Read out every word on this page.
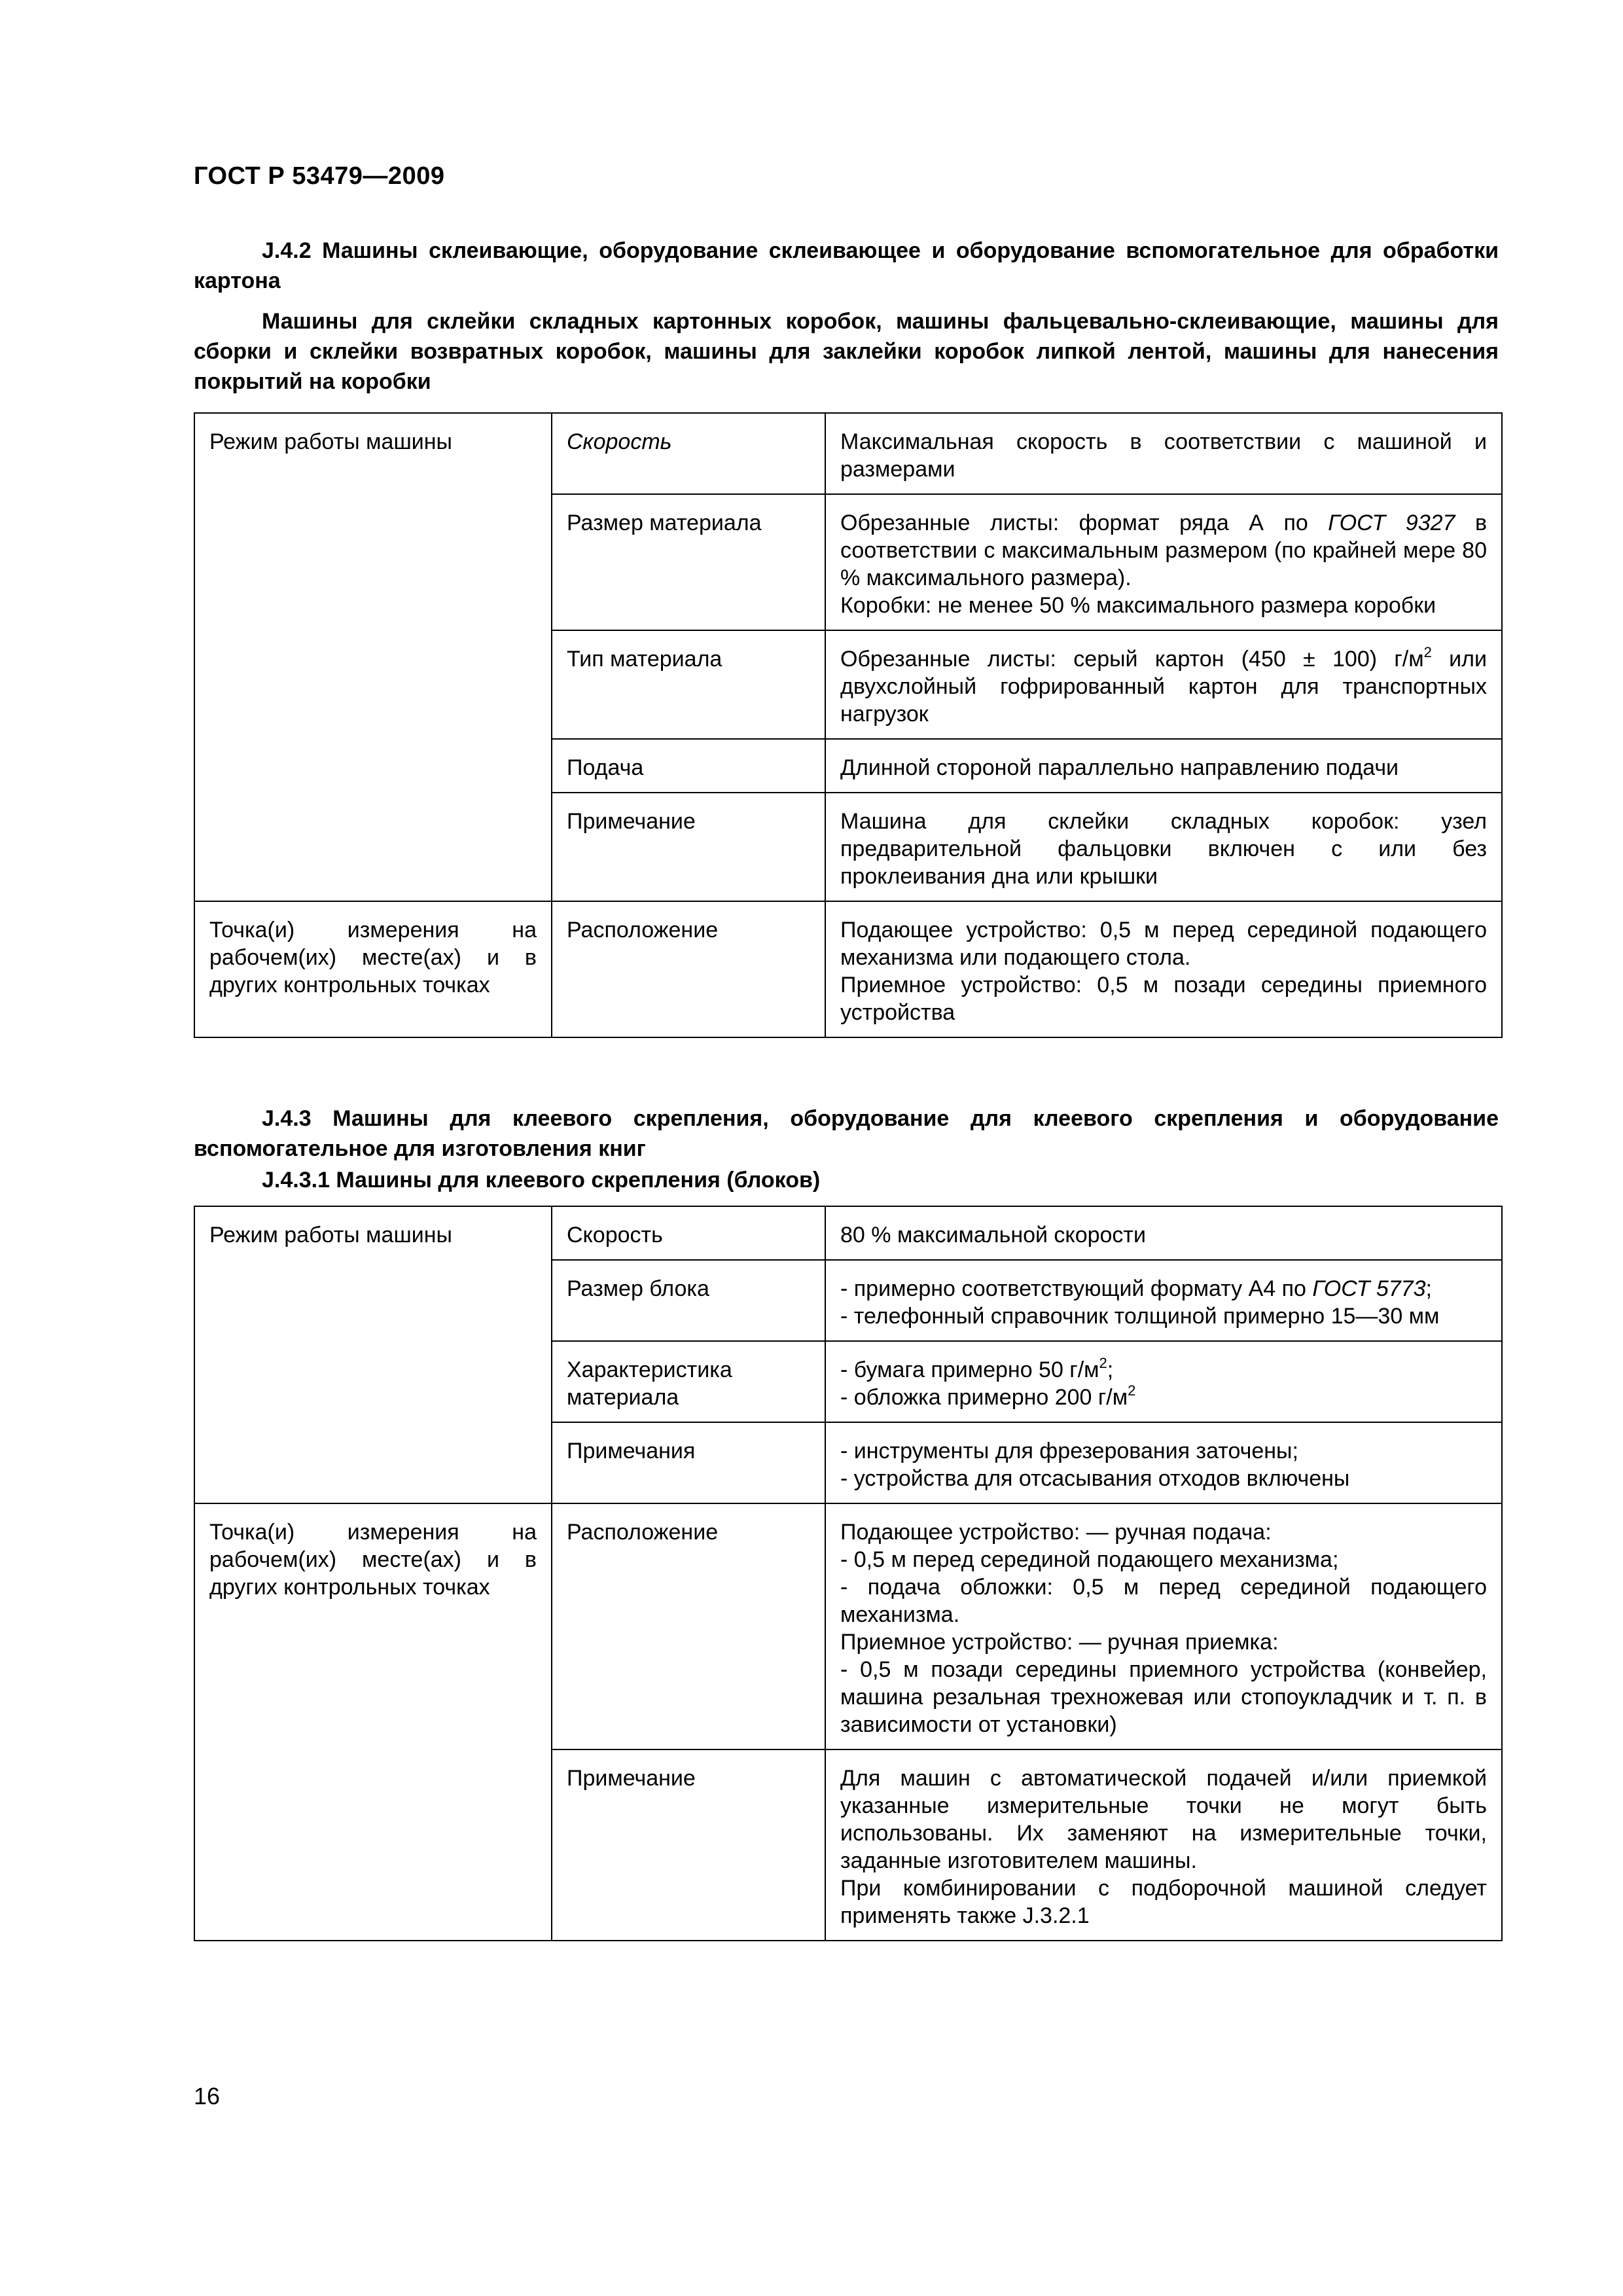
ГОСТ Р 53479—2009
J.4.2 Машины склеивающие, оборудование склеивающее и оборудование вспомогательное для обработки картона
Машины для склейки складных картонных коробок, машины фальцевально-склеивающие, машины для сборки и склейки возвратных коробок, машины для заклейки коробок липкой лентой, машины для нанесения покрытий на коробки
Режим работы машины	Скорость	Максимальная скорость в соответствии с машиной и размерами
	Размер материала	Обрезанные листы: формат ряда А по ГОСТ 9327 в соответствии с максимальным размером (по крайней мере 80 % максимального размера).
Коробки: не менее 50 % максимального размера коробки

	Тип материала	Обрезанные листы: серый картон (450 ± 100) $г/м^2$ или двухслойный гофрированный картон для транспортных нагрузок
	Подача	Длинной стороной параллельно направлению подачи
	Примечание	Машина для склейки складных коробок: узел предварительной фальцовки включен с или без проклеивания дна или крышки
Точка(и) измерения на рабочем(их) месте(ах) и в других контрольных точках	Расположение	Подающее устройство: 0,5 м перед серединой подающего механизма или подающего стола.
Приемное устройство: 0,5 м позади середины приемного устройства
J.4.3 Машины для клеевого скрепления, оборудование для клеевого скрепления и оборудование вспомогательное для изготовления книг
J.4.3.1 Машины для клеевого скрепления (блоков)
Режим работы машины	Скорость	80 % максимальной скорости
	Размер блока	- примерно соответствующий формату А4 по ГОСТ 5773;
- телефонный справочник толщиной примерно 15—30 мм

	Характеристика материала	- бумага примерно 50 $г/м^2$;
- обложка примерно 200 $г/м^2$

	Примечания	- инструменты для фрезерования заточены;
- устройства для отсасывания отходов включены

Точка(и) измерения на рабочем(их) месте(ах) и в других контрольных точках	Расположение	Подающее устройство: — ручная подача:
- 0,5 м перед серединой подающего механизма;
- подача обложки: 0,5 м перед серединой подающего механизма.
Приемное устройство: — ручная приемка:
- 0,5 м позади середины приемного устройства (конвейер, машина резальная трехножевая или стопоукладчик и т. п. в зависимости от установки)

	Примечание	Для машин с автоматической подачей и/или приемкой указанные измерительные точки не могут быть использованы. Их заменяют на измерительные точки, заданные изготовителем машины.
При комбинировании с подборочной машиной следует применять также J.3.2.1
16
